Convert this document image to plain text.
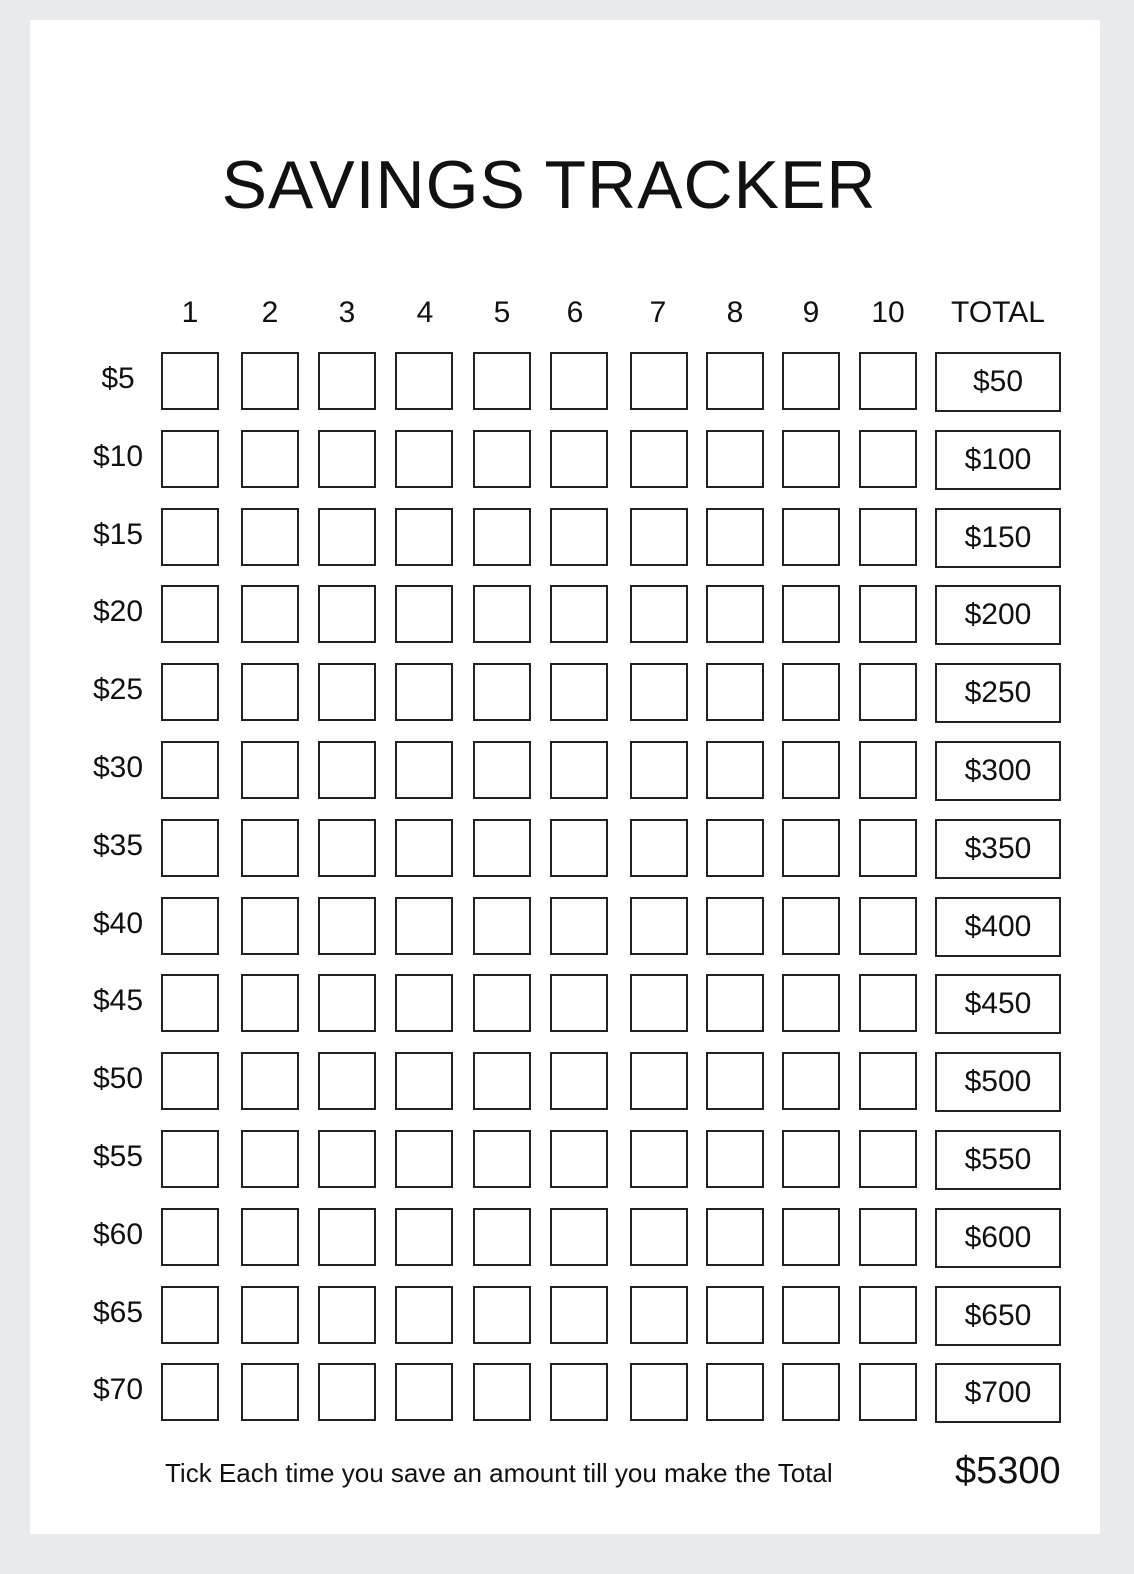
SAVINGS TRACKER
1 2 3 4 5 6 7 8 9 10 TOTAL
$5	$50
$10	$100
$15	$150
$20	$200
$25	$250
$30	$300
$35	$350
$40	$400
$45	$450
$50	$500
$55	$550
$60	$600
$65	$650
$70	$700
Tick Each time you save an amount till you make the Total	$5300
